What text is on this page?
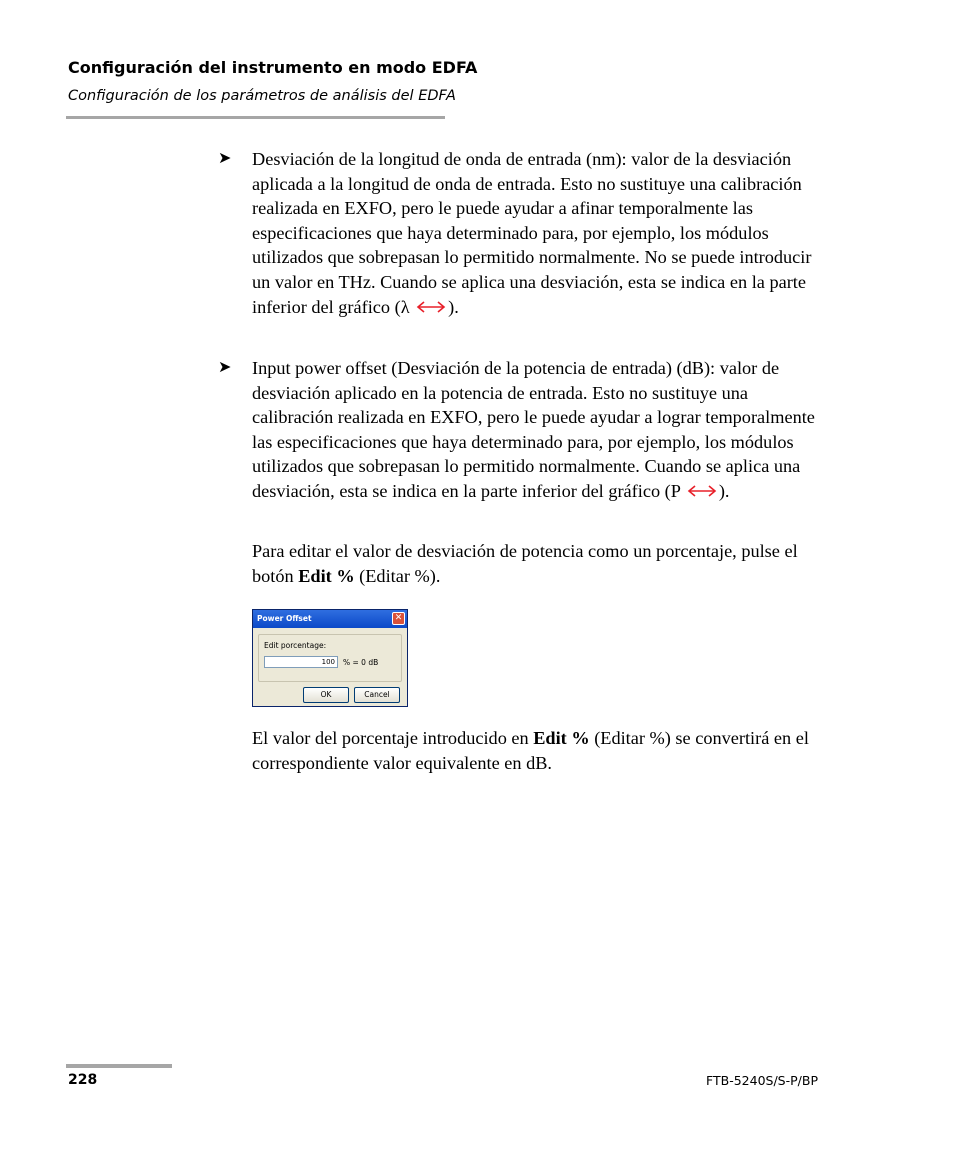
Configuración del instrumento en modo EDFA
Configuración de los parámetros de análisis del EDFA
➤ Desviación de la longitud de onda de entrada (nm): valor de la desviación aplicada a la longitud de onda de entrada. Esto no sustituye una calibración realizada en EXFO, pero le puede ayudar a afinar temporalmente las especificaciones que haya determinado para, por ejemplo, los módulos utilizados que sobrepasan lo permitido normalmente. No se puede introducir un valor en THz. Cuando se aplica una desviación, esta se indica en la parte inferior del gráfico (λ ).
➤ Input power offset (Desviación de la potencia de entrada) (dB): valor de desviación aplicado en la potencia de entrada. Esto no sustituye una calibración realizada en EXFO, pero le puede ayudar a lograr temporalmente las especificaciones que haya determinado para, por ejemplo, los módulos utilizados que sobrepasan lo permitido normalmente. Cuando se aplica una desviación, esta se indica en la parte inferior del gráfico (P ).
Para editar el valor de desviación de potencia como un porcentaje, pulse el botón Edit % (Editar %).
Power Offset	✕
Edit porcentage:
100	% = 0 dB
OK	Cancel
El valor del porcentaje introducido en Edit % (Editar %) se convertirá en el correspondiente valor equivalente en dB.
228	FTB-5240S/S-P/BP
